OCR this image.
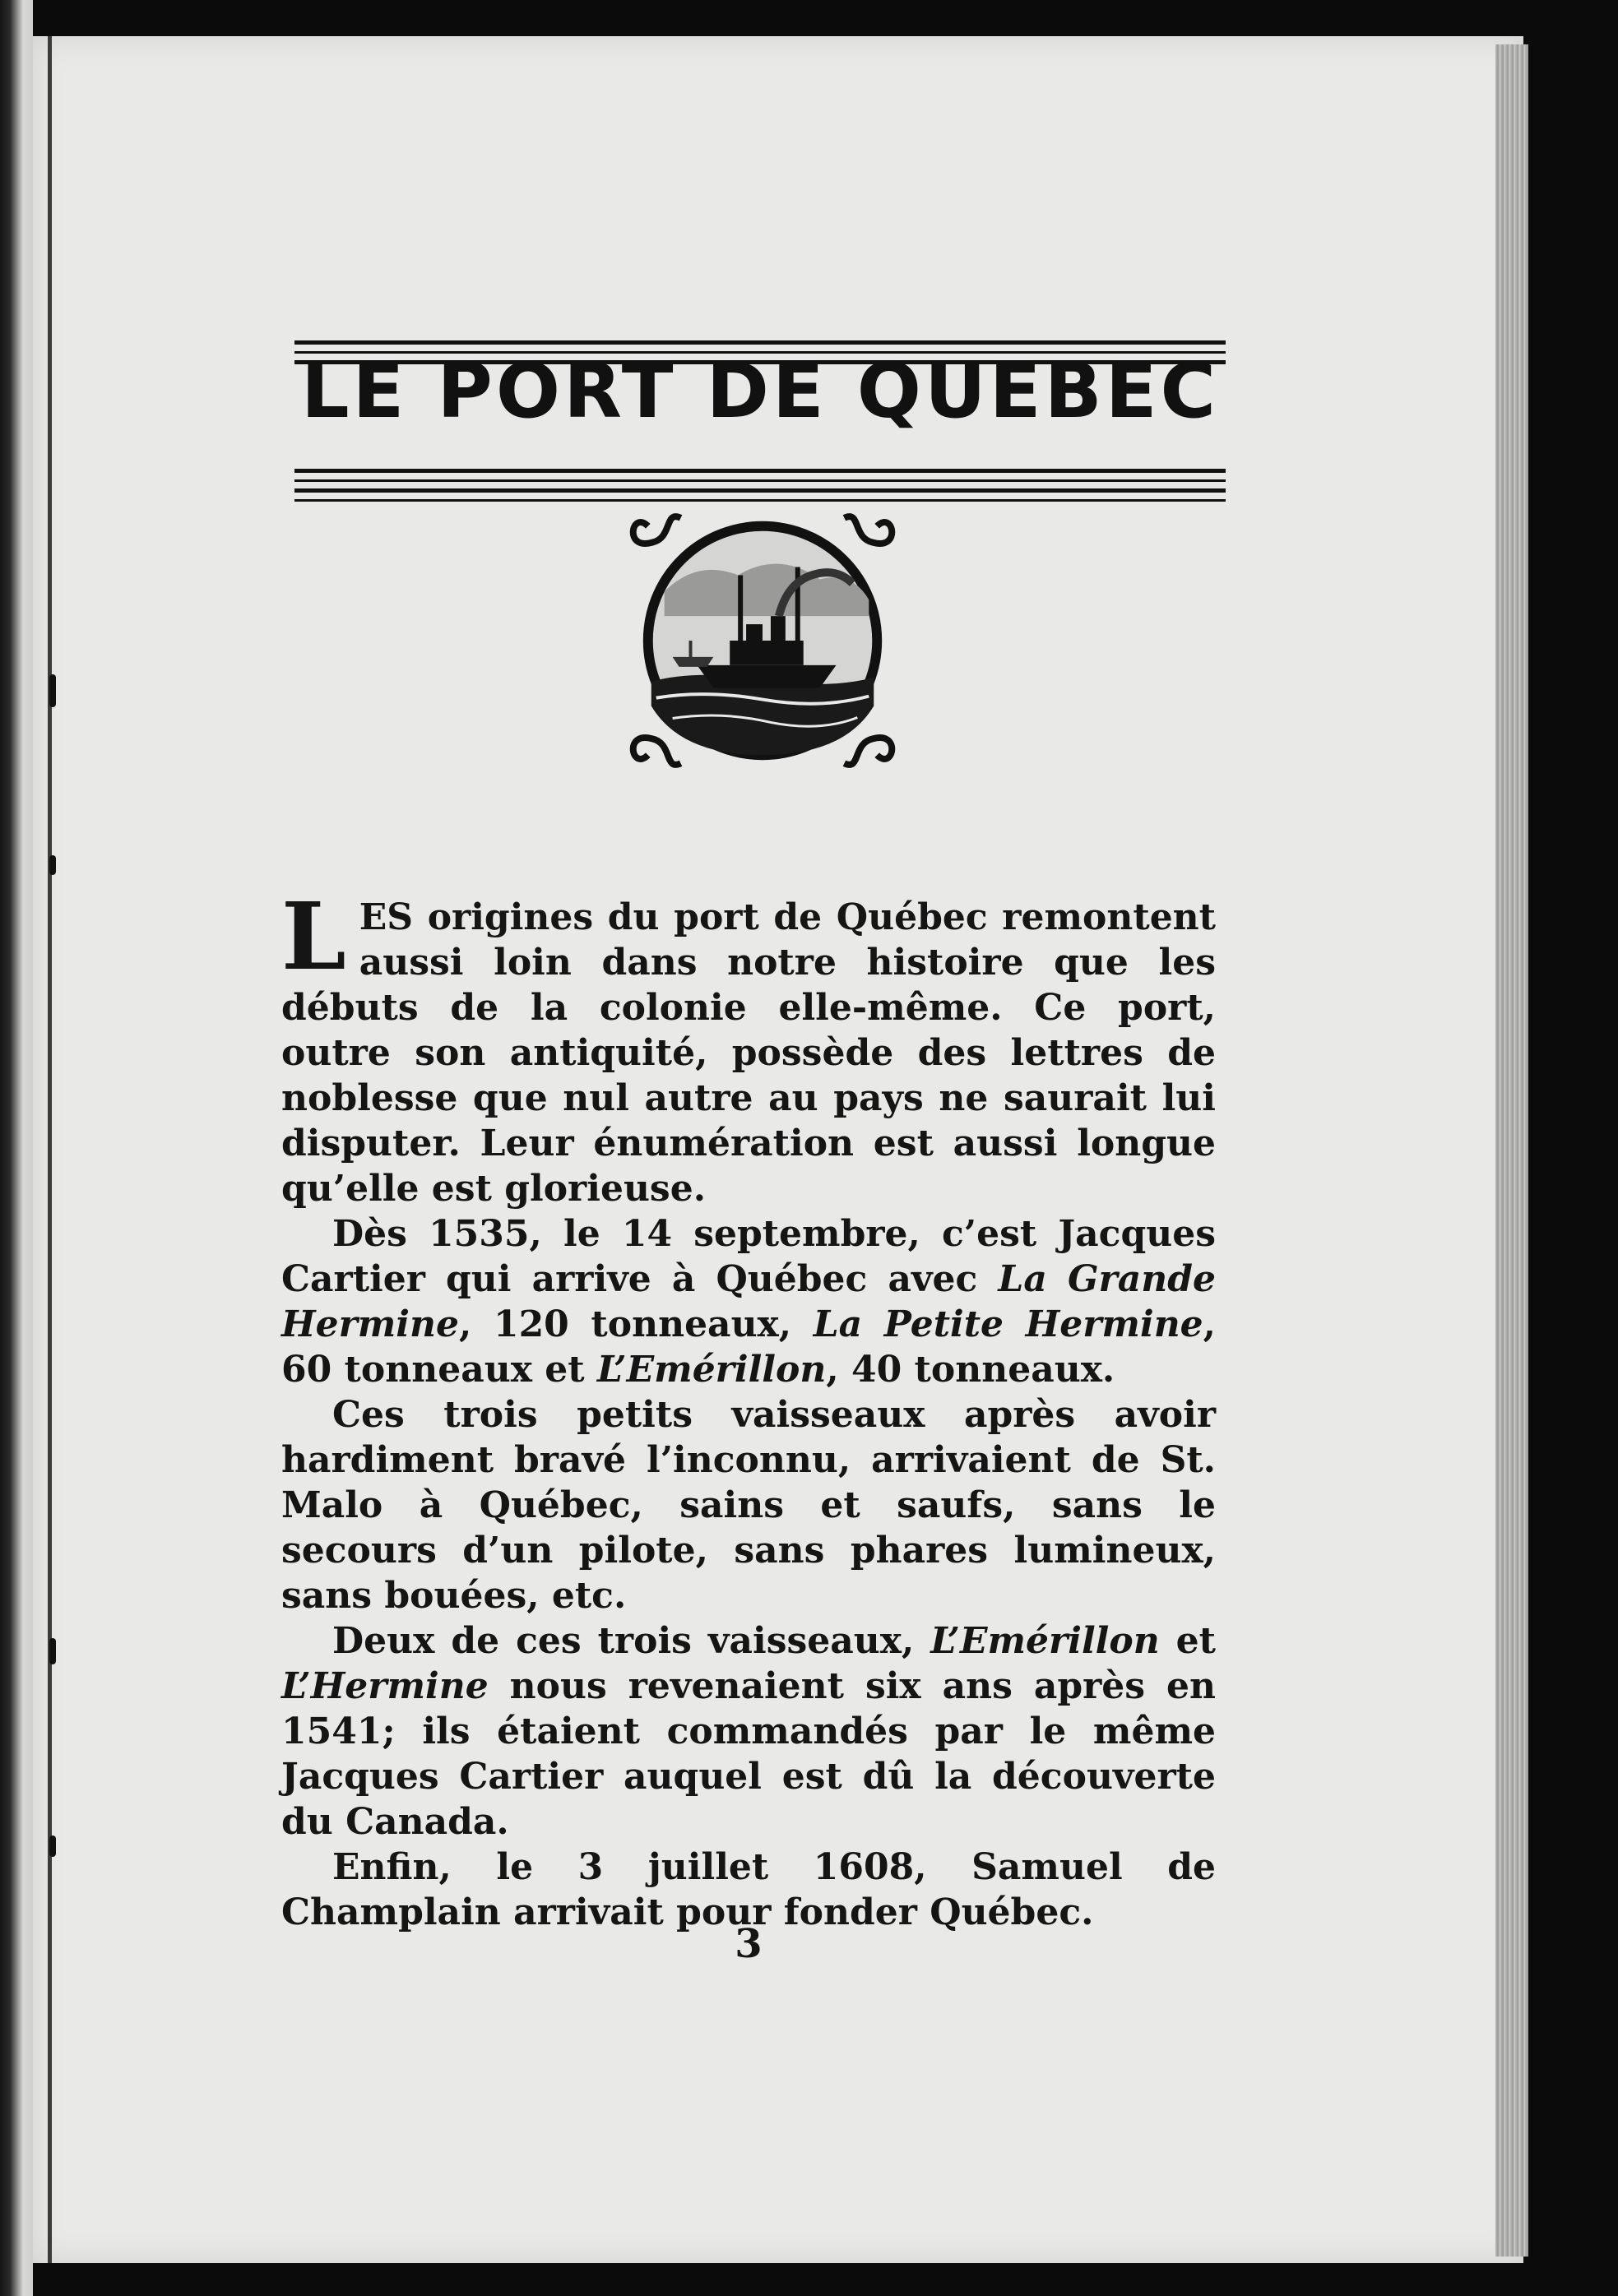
LE PORT DE QUEBEC

LES origines du port de Québec remontent aussi loin dans notre histoire que les débuts de la colonie elle-même. Ce port, outre son antiquité, possède des lettres de noblesse que nul autre au pays ne saurait lui disputer. Leur énumération est aussi longue qu’elle est glorieuse.

Dès 1535, le 14 septembre, c’est Jacques Cartier qui arrive à Québec avec La Grande Hermine, 120 tonneaux, La Petite Hermine, 60 tonneaux et L’Emérillon, 40 tonneaux.

Ces trois petits vaisseaux après avoir hardiment bravé l’inconnu, arrivaient de St. Malo à Québec, sains et saufs, sans le secours d’un pilote, sans phares lumineux, sans bouées, etc.

Deux de ces trois vaisseaux, L’Emérillon et L’Hermine nous revenaient six ans après en 1541; ils étaient commandés par le même Jacques Cartier auquel est dû la découverte du Canada.

Enfin, le 3 juillet 1608, Samuel de Champlain arrivait pour fonder Québec.

3
